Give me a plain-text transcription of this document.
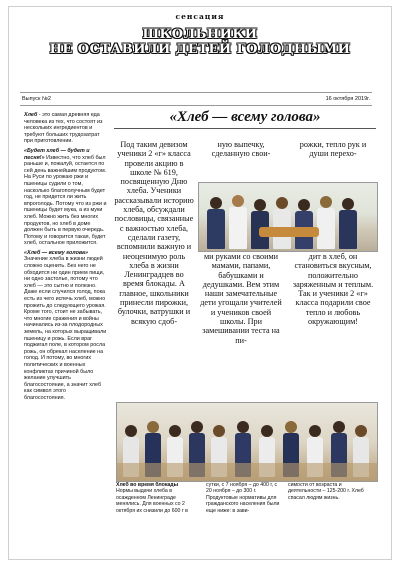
сенсация
ШКОЛЬНИКИ
НЕ ОСТАВИЛИ ДЕТЕЙ ГОЛОДНЫМИ
Выпуск №2	16 октября 2019г.

Хлеб - это самая древняя еда человека из тех, что состоят из нескольких ингредиентов и требуют больших трудозатрат при приготовлении.

«Будет хлеб — будет и песня!» Известно, что хлеб был раньше и, пожалуй, остается по сей день важнейшим продуктом. На Руси по урожаю ржи и пшеницы судили о том, насколько благополучным будет год, не придется ли жить впроголодь. Потому что из ржи и пшеницы будет мука, а из муки хлеб. Можно жить без многих продуктов, но хлеб в доме должен быть в первую очередь. Потому и говорится такая, будет хлеб, остальное приложится.

«Хлеб — всему голова» Значение хлеба в жизни людей сложно оценить. Без него не обходится ни один прием пищи, ни одно застолье, потому что хлеб — это сытно и полезно. Даже если случился голод, пока есть из чего испечь хлеб, можно прожить до следующего урожая. Кроме того, стоит не забывать, что многие сражения и войны начинались из-за плодородных земель, на которых выращивали пшеницу и рожь. Если враг поджигал поле, в котором росла рожь, он обрекал население на голод. И потому, во многих политических и военных конфликтах причиной было желание улучшить благосостояние, а значит хлеб как символ этого благосостояния.

«Хлеб — всему голова»
Под таким девизом ученики 2 «г» класса провели акцию в школе № 619, посвященную Дню хлеба. Ученики рассказывали историю хлеба, обсуждали пословицы, связанные с важностью хлеба, сделали газету, вспомнили важную и неоценимую роль хлеба в жизни Ленинградцев во время блокады. А главное, школьники принесли пирожки, булочки, ватрушки и всякую сдоб-
ную выпечку, сделанную свои-
рожки, тепло рук и души перехо-
ми руками со своими мамами, папами, бабушками и дедушками. Вем этим наши замечательные дети угощали учителей и учеников своей школы. При замешивании теста на пи-
дит в хлеб, он становиться вкусным, положительно заряженным и теплым. Так и ученики 2 «г» класса подарили свое тепло и любовь окружающим!
Хлеб во время блокады
Нормы выдачи хлеба в осажденном Ленинграде менялись. Для военных со 2 октября их снизили до 600 г в
сутки, с 7 ноября – до 400 г, с 20 ноября – до 300 г. Продуктовые нормативы для гражданского населения были еще ниже: в зави-
симости от возраста и деятельности – 125-200 г. Хлеб спасал людям жизнь.
